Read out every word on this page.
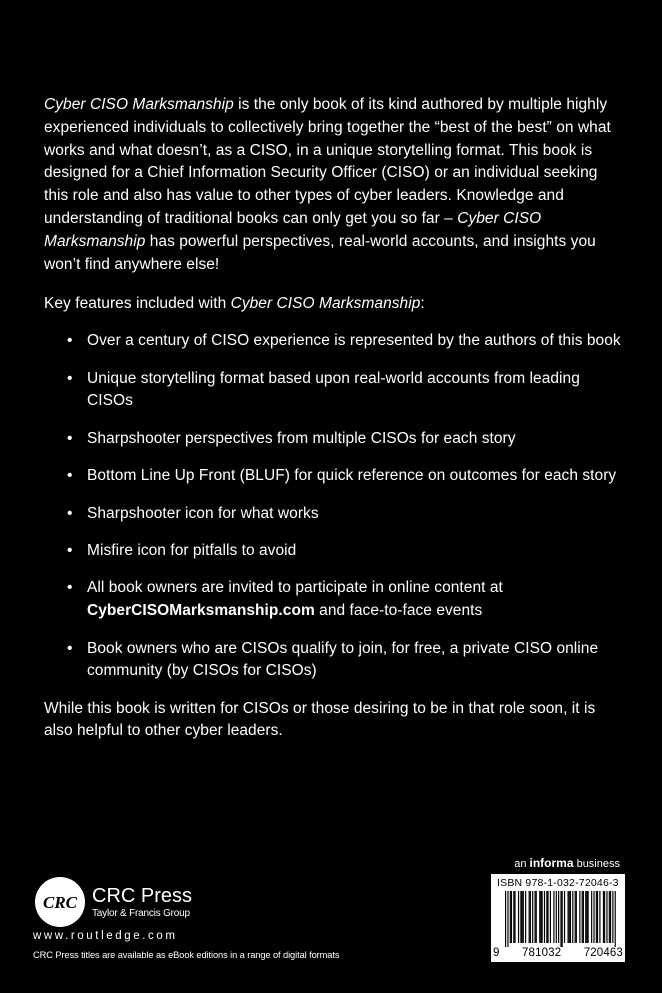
Cyber CISO Marksmanship is the only book of its kind authored by multiple highly experienced individuals to collectively bring together the “best of the best” on what works and what doesn’t, as a CISO, in a unique storytelling format. This book is designed for a Chief Information Security Officer (CISO) or an individual seeking this role and also has value to other types of cyber leaders. Knowledge and understanding of traditional books can only get you so far – Cyber CISO Marksmanship has powerful perspectives, real-world accounts, and insights you won’t find anywhere else!

Key features included with Cyber CISO Marksmanship:

• Over a century of CISO experience is represented by the authors of this book
• Unique storytelling format based upon real-world accounts from leading CISOs
• Sharpshooter perspectives from multiple CISOs for each story
• Bottom Line Up Front (BLUF) for quick reference on outcomes for each story
• Sharpshooter icon for what works
• Misfire icon for pitfalls to avoid
• All book owners are invited to participate in online content at CyberCISOMarksmanship.com and face-to-face events
• Book owners who are CISOs qualify to join, for free, a private CISO online community (by CISOs for CISOs)

While this book is written for CISOs or those desiring to be in that role soon, it is also helpful to other cyber leaders.

an informa business
CRC CRC Press
Taylor & Francis Group
www.routledge.com
CRC Press titles are available as eBook editions in a range of digital formats
ISBN 978-1-032-72046-3
9 781032 720463
